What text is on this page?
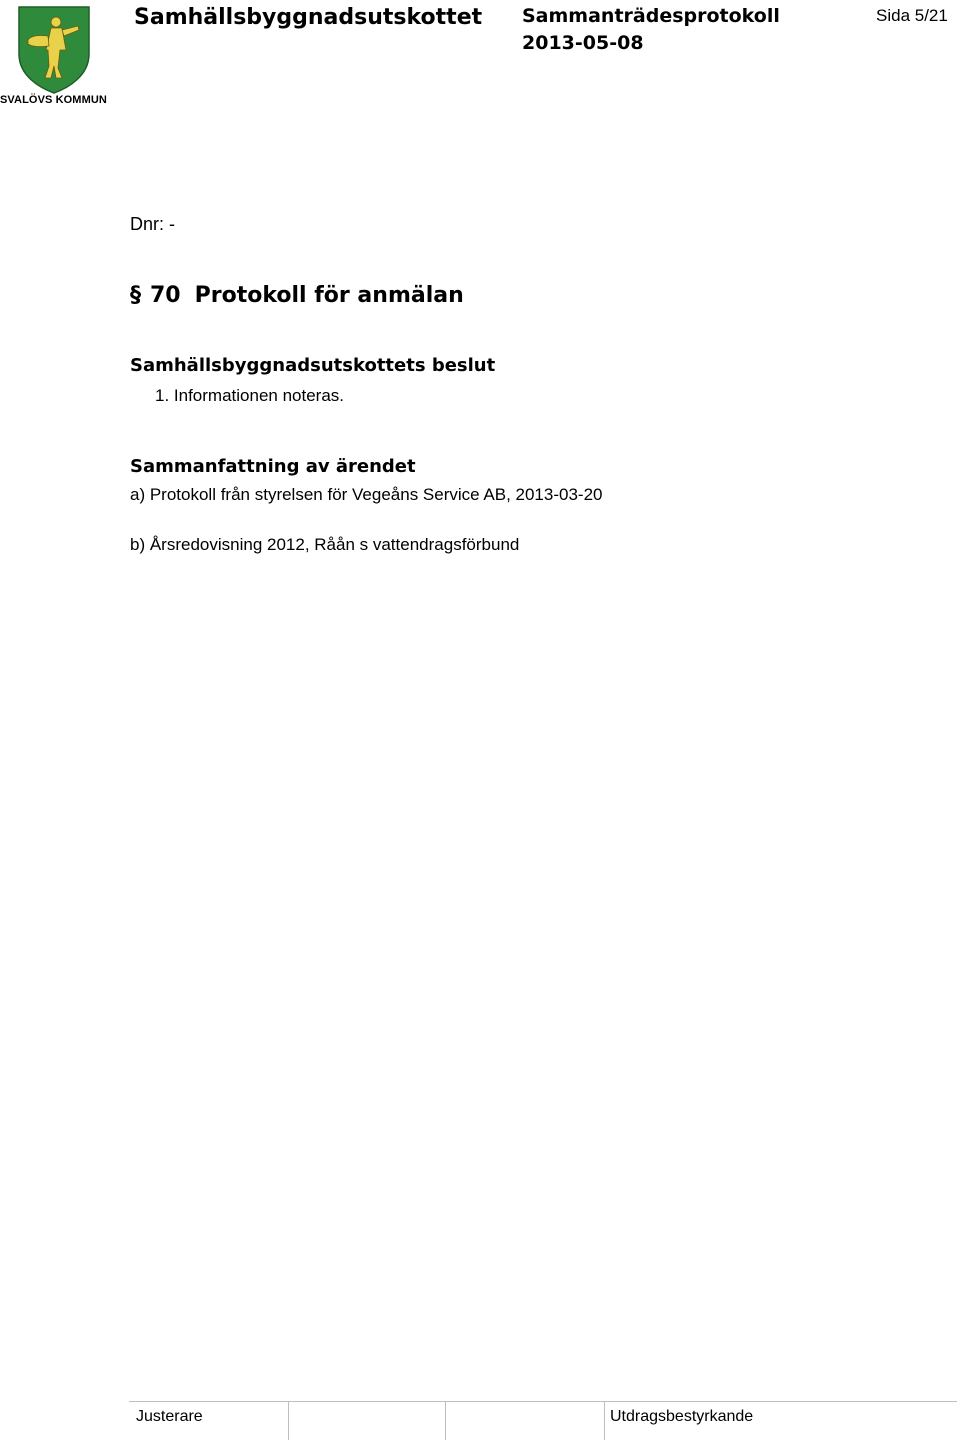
SVALÖVS KOMMUN
Samhällsbyggnadsutskottet Sammanträdesprotokoll
2013-05-08
Sida 5/21
Dnr: -
§ 70 Protokoll för anmälan
Samhällsbyggnadsutskottets beslut
1. Informationen noteras.
Sammanfattning av ärendet
a) Protokoll från styrelsen för Vegeåns Service AB, 2013-03-20
b) Årsredovisning 2012, Råån s vattendragsförbund
Justerare	Utdragsbestyrkande
